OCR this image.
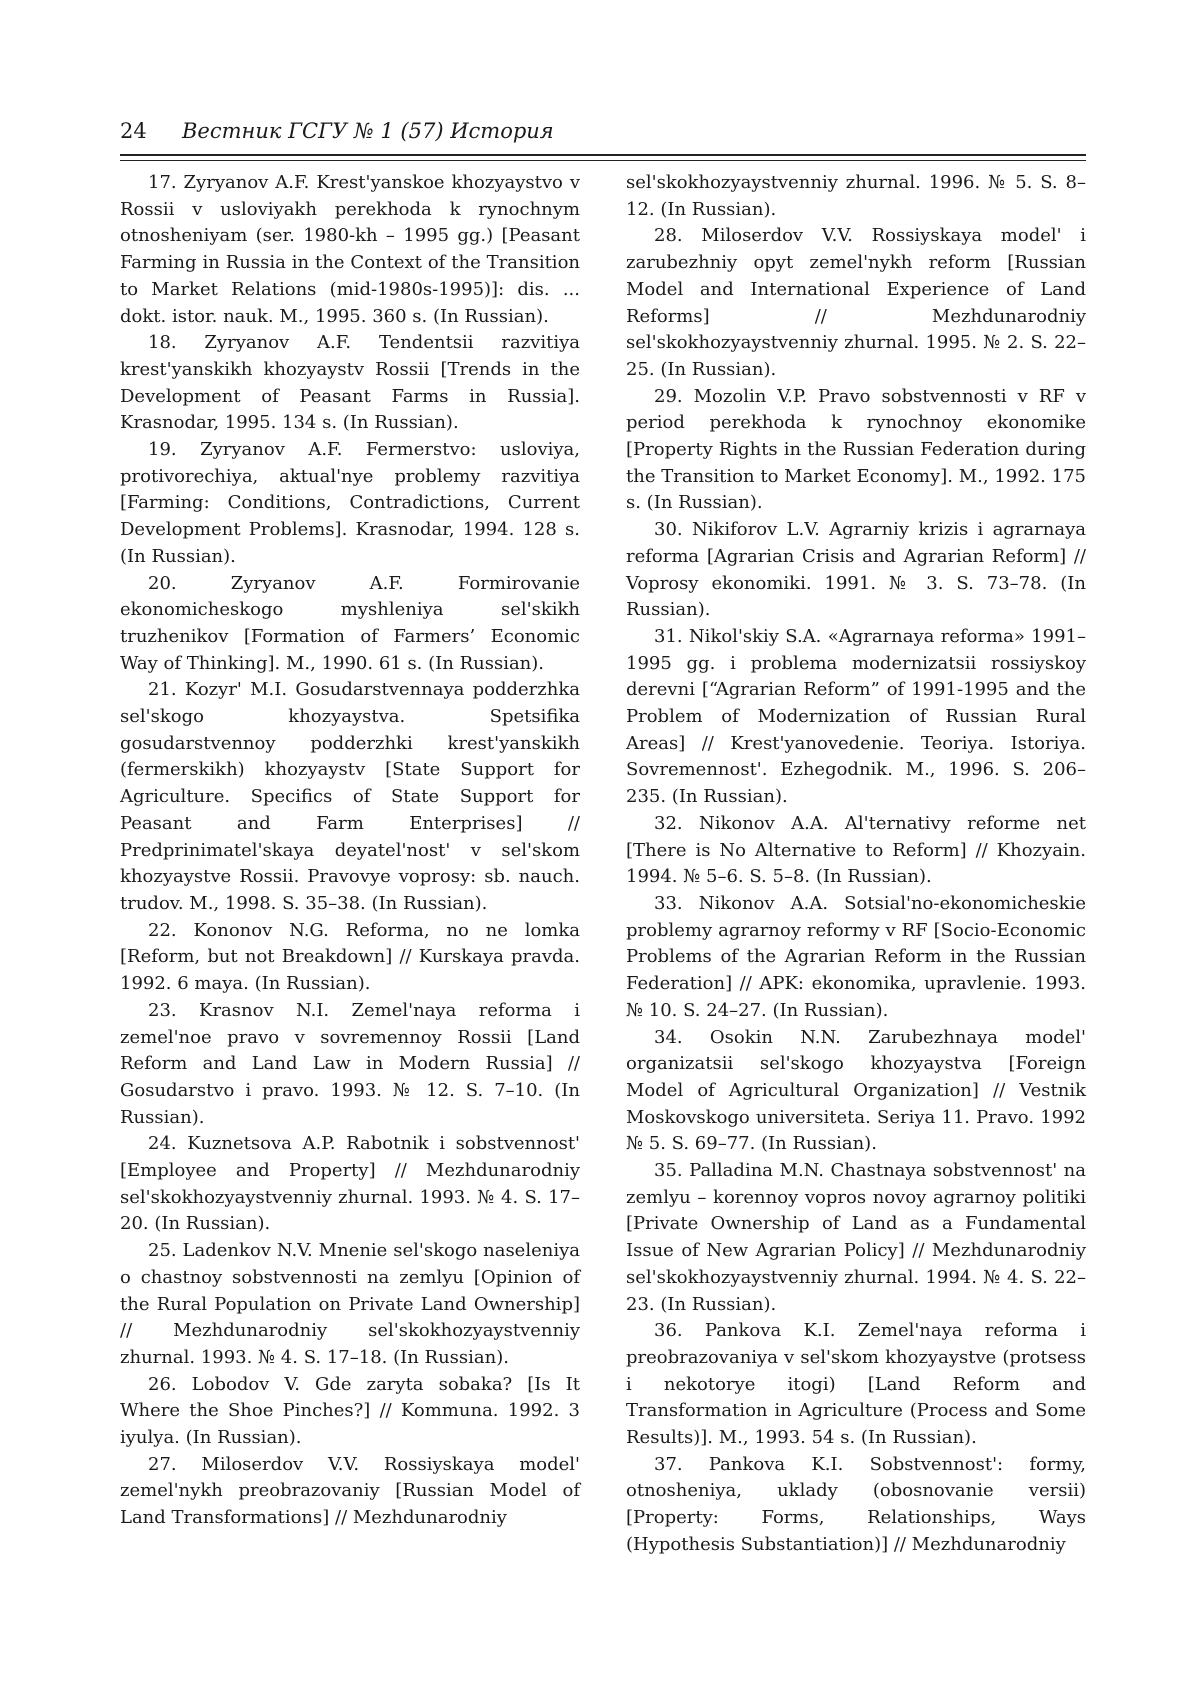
24 Вестник ГСГУ № 1 (57) История

17. Zyryanov A.F. Krest'yanskoe khozyaystvo v Rossii v usloviyakh perekhoda k rynochnym otnosheniyam (ser. 1980-kh – 1995 gg.) [Peasant Farming in Russia in the Context of the Transition to Market Relations (mid-1980s-1995)]: dis. ... dokt. istor. nauk. M., 1995. 360 s. (In Russian).

18. Zyryanov A.F. Tendentsii razvitiya krest'yanskikh khozyaystv Rossii [Trends in the Development of Peasant Farms in Russia]. Krasnodar, 1995. 134 s. (In Russian).

19. Zyryanov A.F. Fermerstvo: usloviya, protivorechiya, aktual'nye problemy razvitiya [Farming: Conditions, Contradictions, Current Development Problems]. Krasnodar, 1994. 128 s. (In Russian).

20. Zyryanov A.F. Formirovanie ekonomicheskogo myshleniya sel'skikh truzhenikov [Formation of Farmers’ Economic Way of Thinking]. M., 1990. 61 s. (In Russian).

21. Kozyr' M.I. Gosudarstvennaya podderzhka sel'skogo khozyaystva. Spetsifika gosudarstvennoy podderzhki krest'yanskikh (fermerskikh) khozyaystv [State Support for Agriculture. Specifics of State Support for Peasant and Farm Enterprises] // Predprinimatel'skaya deyatel'nost' v sel'skom khozyaystve Rossii. Pravovye voprosy: sb. nauch. trudov. M., 1998. S. 35–38. (In Russian).

22. Kononov N.G. Reforma, no ne lomka [Reform, but not Breakdown] // Kurskaya pravda. 1992. 6 maya. (In Russian).

23. Krasnov N.I. Zemel'naya reforma i zemel'noe pravo v sovremennoy Rossii [Land Reform and Land Law in Modern Russia] // Gosudarstvo i pravo. 1993. № 12. S. 7–10. (In Russian).

24. Kuznetsova A.P. Rabotnik i sobstvennost' [Employee and Property] // Mezhdunarodniy sel'skokhozyaystvenniy zhurnal. 1993. № 4. S. 17–20. (In Russian).

25. Ladenkov N.V. Mnenie sel'skogo naseleniya o chastnoy sobstvennosti na zemlyu [Opinion of the Rural Population on Private Land Ownership] // Mezhdunarodniy sel'skokhozyaystvenniy zhurnal. 1993. № 4. S. 17–18. (In Russian).

26. Lobodov V. Gde zaryta sobaka? [Is It Where the Shoe Pinches?] // Kommuna. 1992. 3 iyulya. (In Russian).

27. Miloserdov V.V. Rossiyskaya model' zemel'nykh preobrazovaniy [Russian Model of Land Transformations] // Mezhdunarodniy

sel'skokhozyaystvenniy zhurnal. 1996. № 5. S. 8–12. (In Russian).

28. Miloserdov V.V. Rossiyskaya model' i zarubezhniy opyt zemel'nykh reform [Russian Model and International Experience of Land Reforms] // Mezhdunarodniy sel'skokhozyaystvenniy zhurnal. 1995. № 2. S. 22–25. (In Russian).

29. Mozolin V.P. Pravo sobstvennosti v RF v period perekhoda k rynochnoy ekonomike [Property Rights in the Russian Federation during the Transition to Market Economy]. M., 1992. 175 s. (In Russian).

30. Nikiforov L.V. Agrarniy krizis i agrarnaya reforma [Agrarian Crisis and Agrarian Reform] // Voprosy ekonomiki. 1991. № 3. S. 73–78. (In Russian).

31. Nikol'skiy S.A. «Agrarnaya reforma» 1991–1995 gg. i problema modernizatsii rossiyskoy derevni [“Agrarian Reform” of 1991-1995 and the Problem of Modernization of Russian Rural Areas] // Krest'yanovedenie. Teoriya. Istoriya. Sovremennost'. Ezhegodnik. M., 1996. S. 206–235. (In Russian).

32. Nikonov A.A. Al'ternativy reforme net [There is No Alternative to Reform] // Khozyain. 1994. № 5–6. S. 5–8. (In Russian).

33. Nikonov A.A. Sotsial'no-ekonomicheskie problemy agrarnoy reformy v RF [Socio-Economic Problems of the Agrarian Reform in the Russian Federation] // APK: ekonomika, upravlenie. 1993. № 10. S. 24–27. (In Russian).

34. Osokin N.N. Zarubezhnaya model' organizatsii sel'skogo khozyaystva [Foreign Model of Agricultural Organization] // Vestnik Moskovskogo universiteta. Seriya 11. Pravo. 1992 № 5. S. 69–77. (In Russian).

35. Palladina M.N. Chastnaya sobstvennost' na zemlyu – korennoy vopros novoy agrarnoy politiki [Private Ownership of Land as a Fundamental Issue of New Agrarian Policy] // Mezhdunarodniy sel'skokhozyaystvenniy zhurnal. 1994. № 4. S. 22–23. (In Russian).

36. Pankova K.I. Zemel'naya reforma i preobrazovaniya v sel'skom khozyaystve (protsess i nekotorye itogi) [Land Reform and Transformation in Agriculture (Process and Some Results)]. M., 1993. 54 s. (In Russian).

37. Pankova K.I. Sobstvennost': formy, otnosheniya, uklady (obosnovanie versii) [Property: Forms, Relationships, Ways (Hypothesis Substantiation)] // Mezhdunarodniy
